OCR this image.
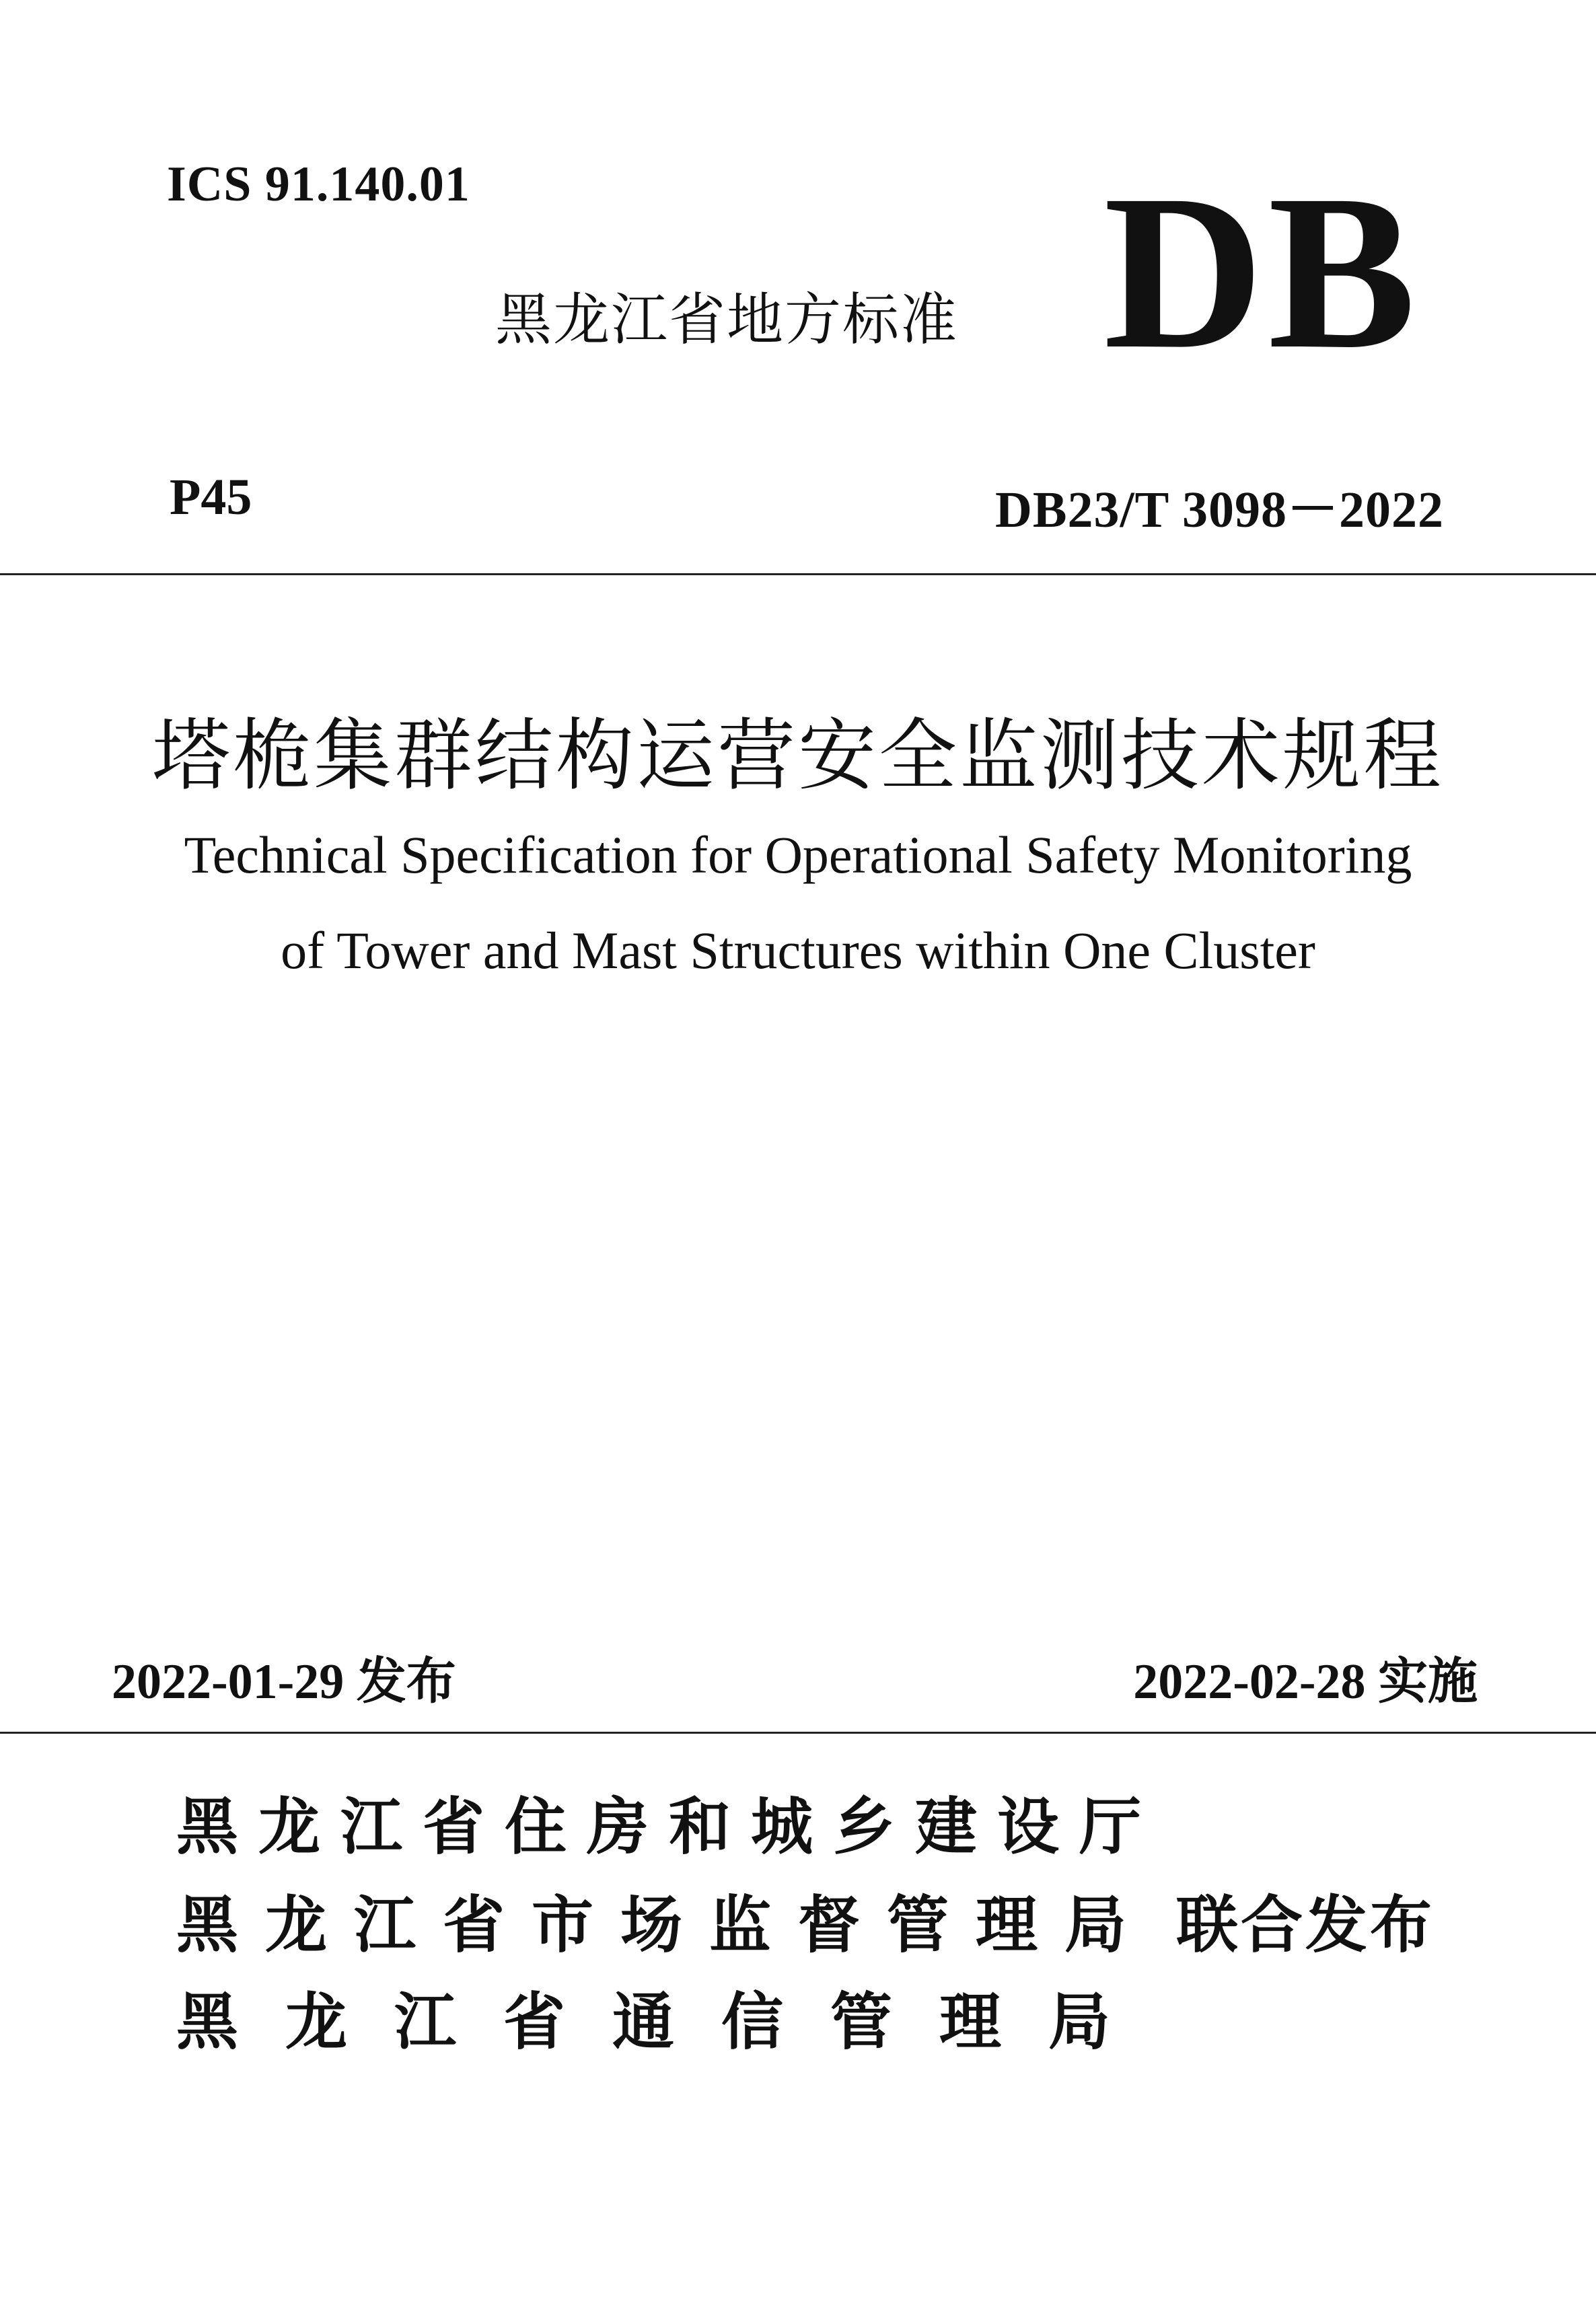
ICS 91.140.01	DB
黑龙江省地方标准
P45	DB23/T 3098－2022
塔桅集群结构运营安全监测技术规程
Technical Specification for Operational Safety Monitoring
of Tower and Mast Structures within One Cluster
2022-01-29 发布	2022-02-28 实施
黑龙江省住房和城乡建设厅
黑龙江省市场监督管理局
黑龙江省通信管理局
联合发布
